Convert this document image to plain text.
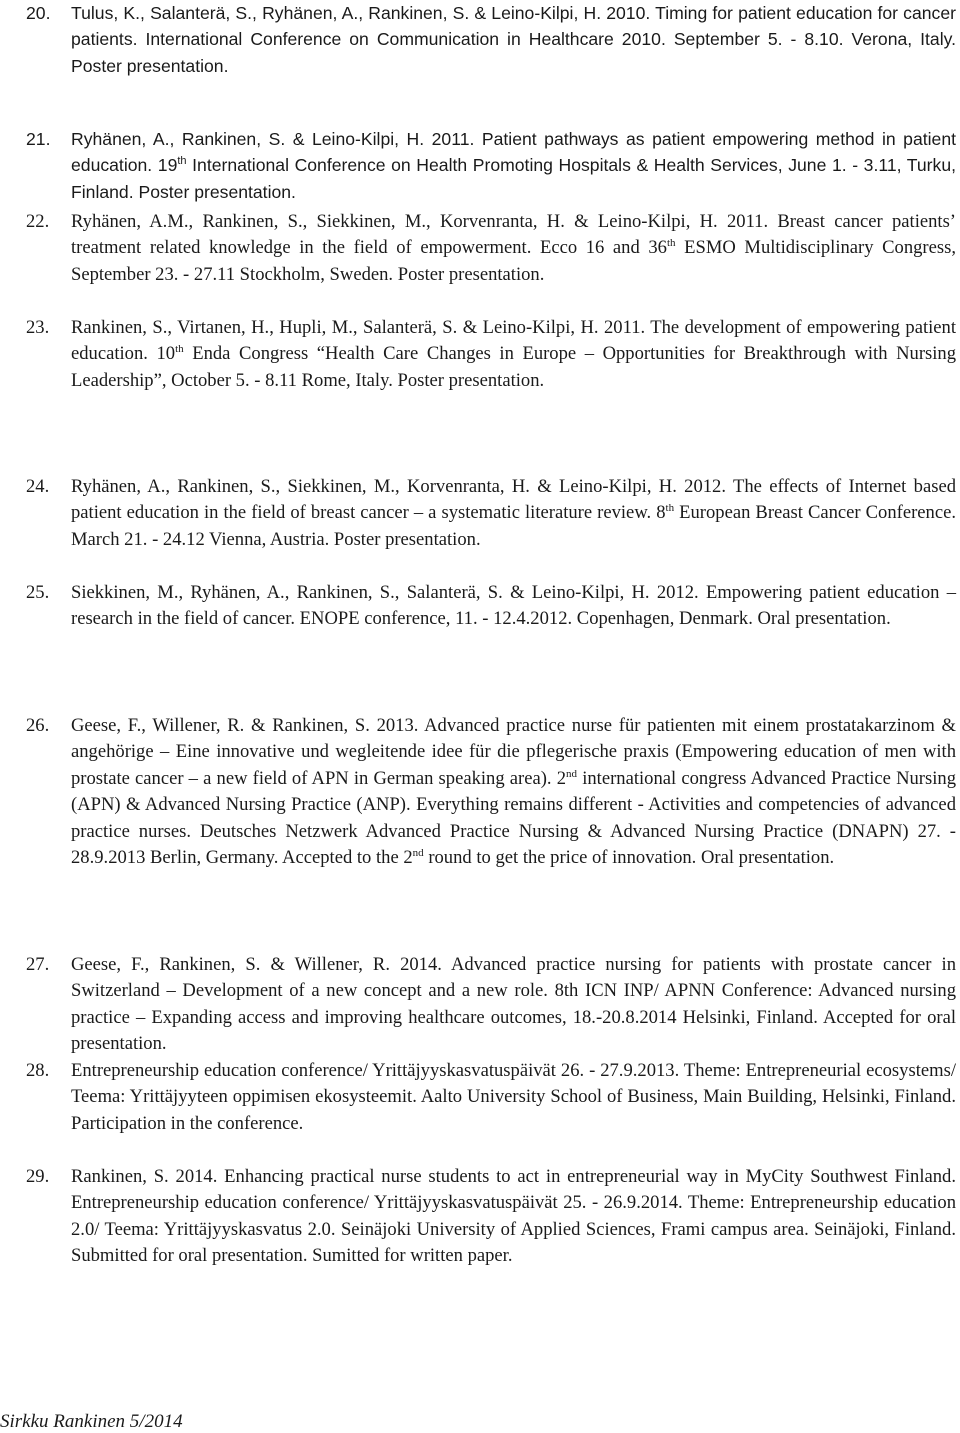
20. Tulus, K., Salanterä, S., Ryhänen, A., Rankinen, S. & Leino-Kilpi, H. 2010. Timing for patient education for cancer patients. International Conference on Communication in Healthcare 2010. September 5. - 8.10. Verona, Italy. Poster presentation.
21. Ryhänen, A., Rankinen, S. & Leino-Kilpi, H. 2011. Patient pathways as patient empowering method in patient education. 19th International Conference on Health Promoting Hospitals & Health Services, June 1. - 3.11, Turku, Finland. Poster presentation.
22. Ryhänen, A.M., Rankinen, S., Siekkinen, M., Korvenranta, H. & Leino-Kilpi, H. 2011. Breast cancer patients’ treatment related knowledge in the field of empowerment. Ecco 16 and 36th ESMO Multidisciplinary Congress, September 23. - 27.11 Stockholm, Sweden. Poster presentation.
23. Rankinen, S., Virtanen, H., Hupli, M., Salanterä, S. & Leino-Kilpi, H. 2011. The development of empowering patient education. 10th Enda Congress “Health Care Changes in Europe – Opportunities for Breakthrough with Nursing Leadership”, October 5. - 8.11 Rome, Italy. Poster presentation.
24. Ryhänen, A., Rankinen, S., Siekkinen, M., Korvenranta, H. & Leino-Kilpi, H. 2012. The effects of Internet based patient education in the field of breast cancer – a systematic literature review. 8th European Breast Cancer Conference. March 21. - 24.12 Vienna, Austria. Poster presentation.
25. Siekkinen, M., Ryhänen, A., Rankinen, S., Salanterä, S. & Leino-Kilpi, H. 2012. Empowering patient education – research in the field of cancer. ENOPE conference, 11. - 12.4.2012. Copenhagen, Denmark. Oral presentation.
26. Geese, F., Willener, R. & Rankinen, S. 2013. Advanced practice nurse für patienten mit einem prostatakarzinom & angehörige – Eine innovative und wegleitende idee für die pflegerische praxis (Empowering education of men with prostate cancer – a new field of APN in German speaking area). 2nd international congress Advanced Practice Nursing (APN) & Advanced Nursing Practice (ANP). Everything remains different - Activities and competencies of advanced practice nurses. Deutsches Netzwerk Advanced Practice Nursing & Advanced Nursing Practice (DNAPN) 27. - 28.9.2013 Berlin, Germany. Accepted to the 2nd round to get the price of innovation. Oral presentation.
27. Geese, F., Rankinen, S. & Willener, R. 2014. Advanced practice nursing for patients with prostate cancer in Switzerland – Development of a new concept and a new role. 8th ICN INP/ APNN Conference: Advanced nursing practice – Expanding access and improving healthcare outcomes, 18.-20.8.2014 Helsinki, Finland. Accepted for oral presentation.
28. Entrepreneurship education conference/ Yrittäjyyskasvatuspäivät 26. - 27.9.2013. Theme: Entrepreneurial ecosystems/ Teema: Yrittäjyyteen oppimisen ekosysteemit. Aalto University School of Business, Main Building, Helsinki, Finland. Participation in the conference.
29. Rankinen, S. 2014. Enhancing practical nurse students to act in entrepreneurial way in MyCity Southwest Finland. Entrepreneurship education conference/ Yrittäjyyskasvatuspäivät 25. - 26.9.2014. Theme: Entrepreneurship education 2.0/ Teema: Yrittäjyyskasvatus 2.0. Seinäjoki University of Applied Sciences, Frami campus area. Seinäjoki, Finland. Submitted for oral presentation. Sumitted for written paper.
Sirkku Rankinen 5/2014
